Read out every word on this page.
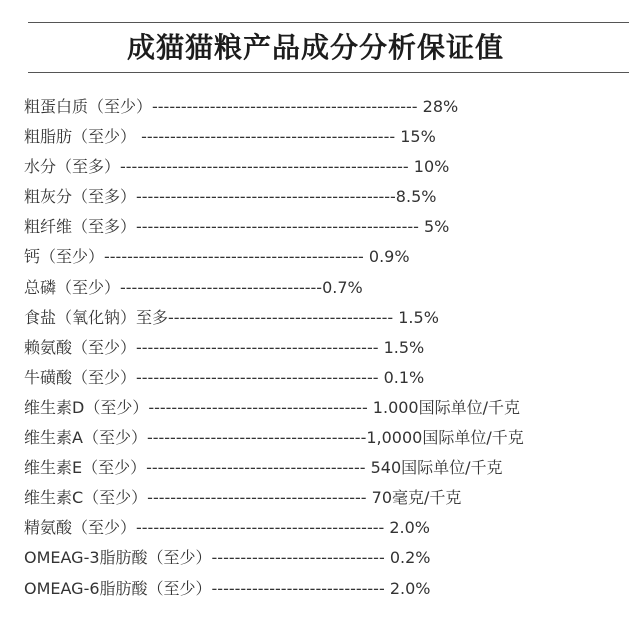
成猫猫粮产品成分分析保证值
粗蛋白质（至少）---------------------------------------------- 28%
粗脂肪（至少） -------------------------------------------- 15%
水分（至多）-------------------------------------------------- 10%
粗灰分（至多）---------------------------------------------8.5%
粗纤维（至多）------------------------------------------------- 5%
钙（至少）--------------------------------------------- 0.9%
总磷（至少）-----------------------------------0.7%
食盐（氧化钠）至多--------------------------------------- 1.5%
赖氨酸（至少）------------------------------------------ 1.5%
牛磺酸（至少）------------------------------------------ 0.1%
维生素D（至少）-------------------------------------- 1.000国际单位/千克
维生素A（至少）--------------------------------------1,0000国际单位/千克
维生素E（至少）-------------------------------------- 540国际单位/千克
维生素C（至少）-------------------------------------- 70毫克/千克
精氨酸（至少）------------------------------------------- 2.0%
OMEAG-3脂肪酸（至少）------------------------------ 0.2%
OMEAG-6脂肪酸（至少）------------------------------ 2.0%
